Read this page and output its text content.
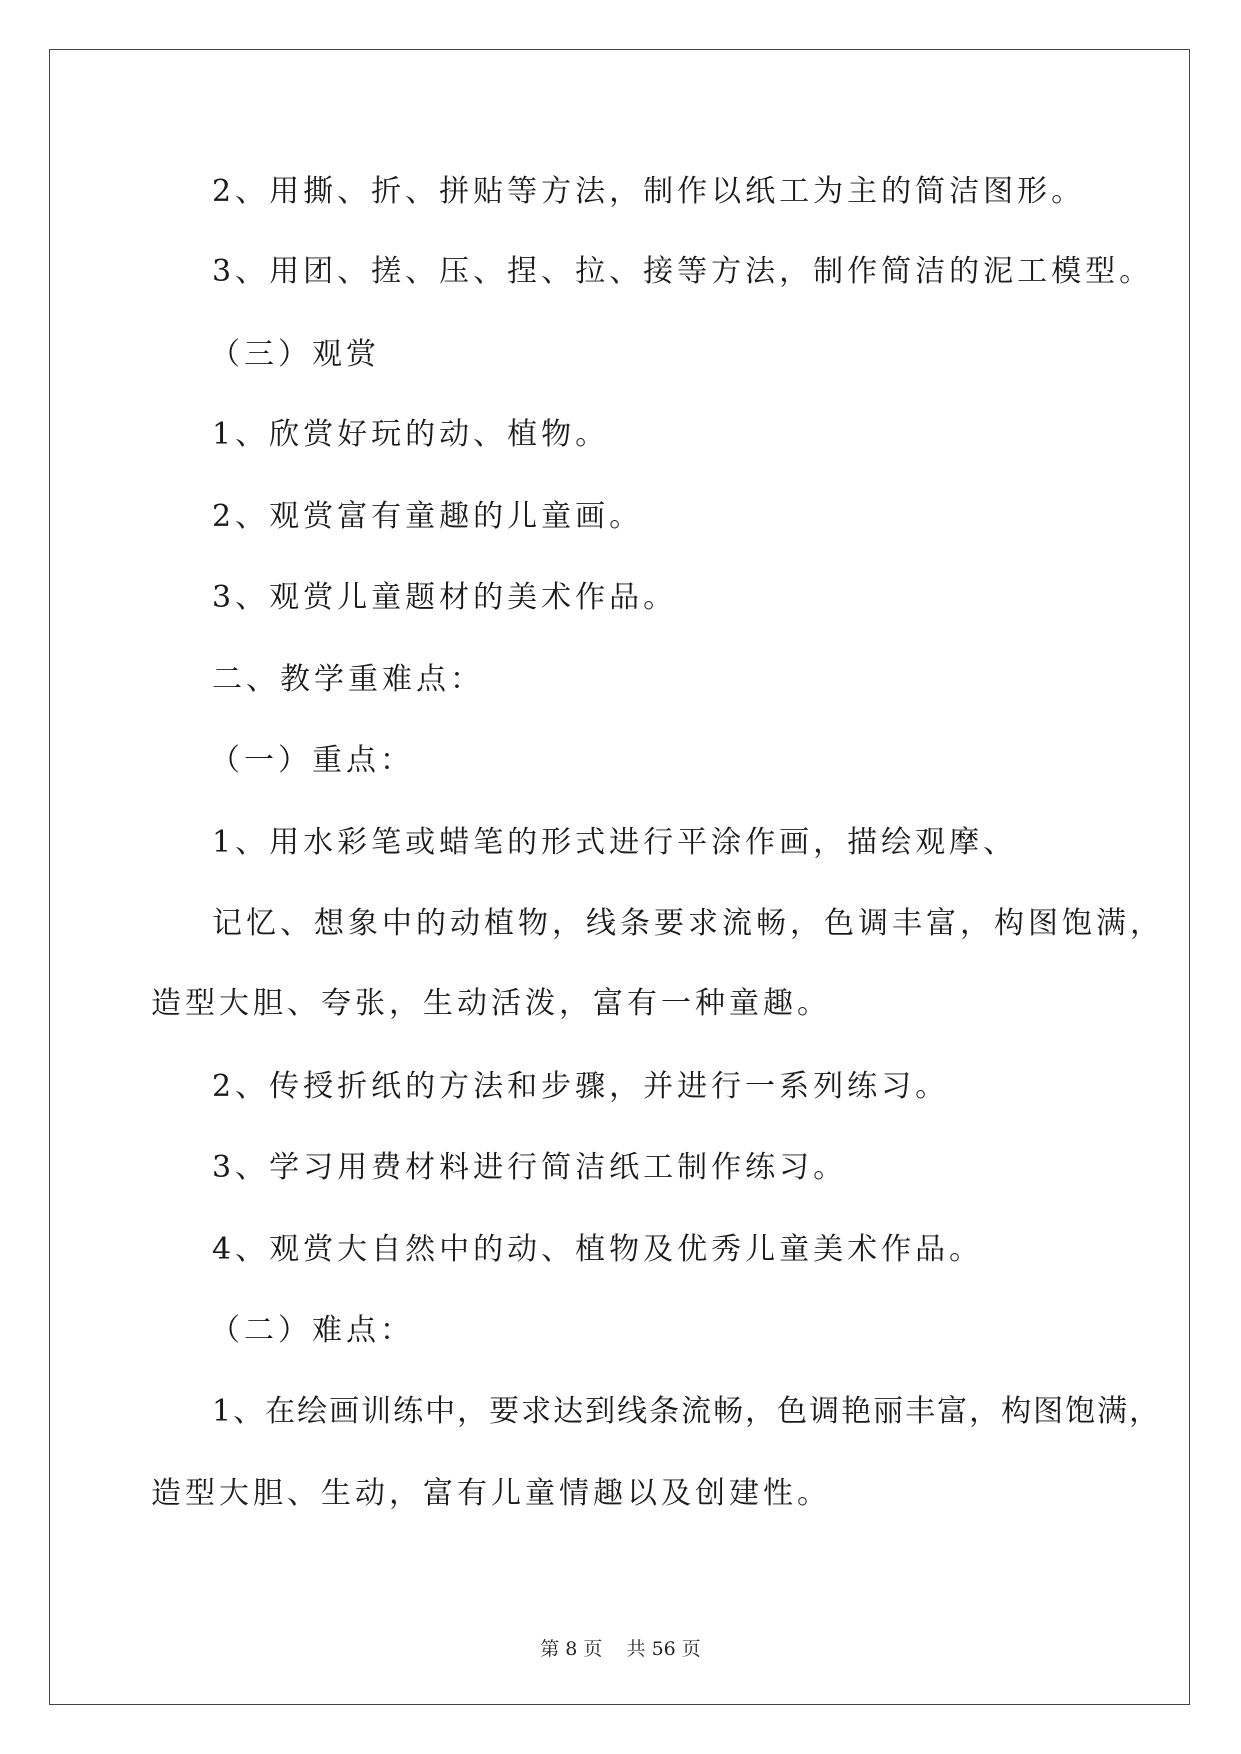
2、用撕、折、拼贴等方法，制作以纸工为主的简洁图形。
3、用团、搓、压、捏、拉、接等方法，制作简洁的泥工模型。
（三）观赏
1、欣赏好玩的动、植物。
2、观赏富有童趣的儿童画。
3、观赏儿童题材的美术作品。
二、教学重难点：
（一）重点：
1、用水彩笔或蜡笔的形式进行平涂作画，描绘观摩、
记忆、想象中的动植物，线条要求流畅，色调丰富，构图饱满，
造型大胆、夸张，生动活泼，富有一种童趣。
2、传授折纸的方法和步骤，并进行一系列练习。
3、学习用费材料进行简洁纸工制作练习。
4、观赏大自然中的动、植物及优秀儿童美术作品。
（二）难点：
1、在绘画训练中，要求达到线条流畅，色调艳丽丰富，构图饱满，
造型大胆、生动，富有儿童情趣以及创建性。
第 8 页 共 56 页
